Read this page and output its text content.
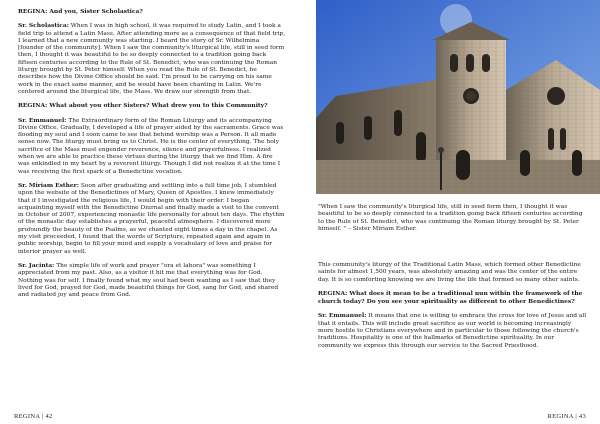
REGINA: And you, Sister Scholastica?

Sr. Scholastica: When I was in high school, it was required to study Latin, and I took a field trip to attend a Latin Mass. After attending more as a consequence of that field trip, I learned that a new community was starting. I heard the story of Sr. Wilhelmina [founder of the community]. When I saw the community's liturgical life, still in seed form then, I thought it was beautiful to be so deeply connected to a tradition going back fifteen centuries according to the Rule of St. Benedict, who was continuing the Roman liturgy brought by St. Peter himself. When you read the Rule of St. Benedict, he describes how the Divine Office should be said. I'm proud to be carrying on his same work in the exact same manner, and he would have been chanting in Latin. We're centered around the liturgical life, the Mass. We draw our strength from that.

REGINA: What about you other Sisters? What drew you to this Community?

Sr. Emmanuel: The Extraordinary form of the Roman Liturgy and its accompanying Divine Office. Gradually, I developed a life of prayer aided by the sacraments. Grace was flooding my soul and I soon came to see that behind worship was a Person. It all made sense now. The liturgy must bring us to Christ. He is the center of everything. The holy sacrifice of the Mass must engender reverence, silence and prayerfulness. I realized when we are able to practice these virtues during the liturgy that we find Him. A fire was enkindled in my heart by a reverent liturgy. Though I did not realize it at the time I was receiving the first spark of a Benedictine vocation.

Sr. Miriam Esther: Soon after graduating and settling into a full time job, I stumbled upon the website of the Benedictines of Mary, Queen of Apostles. I knew immediately that if I investigated the religious life, I would begin with their order. I began acquainting myself with the Benedictine Diurnal and finally made a visit to the convent in October of 2007, experiencing monastic life personally for about ten days. The rhythm of the monastic day establishes a prayerful, peaceful atmosphere. I discovered more profoundly the beauty of the Psalms, as we chanted eight times a day in the chapel. As my visit proceeded, I found that the words of Scripture, repeated again and again in public worship, begin to fill your mind and supply a vocabulary of love and praise for interior prayer as well.

Sr. Jacinta: The simple life of work and prayer "ora et labora" was something I appreciated from my past. Also, as a visitor it hit me that everything was for God. Nothing was for self. I finally found what my soul had been wanting as I saw that they lived for God, prayed for God, made beautiful things for God, sang for God, and shared and radiated joy and peace from God.

REGINA | 42
"When I saw the community's liturgical life, still in seed form then, I thought it was beautiful to be so deeply connected to a tradition going back fifteen centuries according to the Rule of St. Benedict, who was continuing the Roman liturgy brought by St. Peter himself. " – Sister Miriam Esther.

This community's liturgy of the Traditional Latin Mass, which formed other Benedictine saints for almost 1,500 years, was absolutely amazing and was the center of the entire day. It is so comforting knowing we are living the life that formed so many other saints.

REGINA: What does it mean to be a traditional nun within the framework of the church today? Do you see your spirituality as different to other Benedictines?

Sr. Emmanuel: It means that one is willing to embrace the cross for love of Jesus and all that it entails. This will include great sacrifice as our world is becoming increasingly more hostile to Christians everywhere and in particular to those following the church's traditions. Hospitality is one of the hallmarks of Benedictine spirituality. In our community we express this through our service to the Sacred Priesthood.

REGINA | 43
